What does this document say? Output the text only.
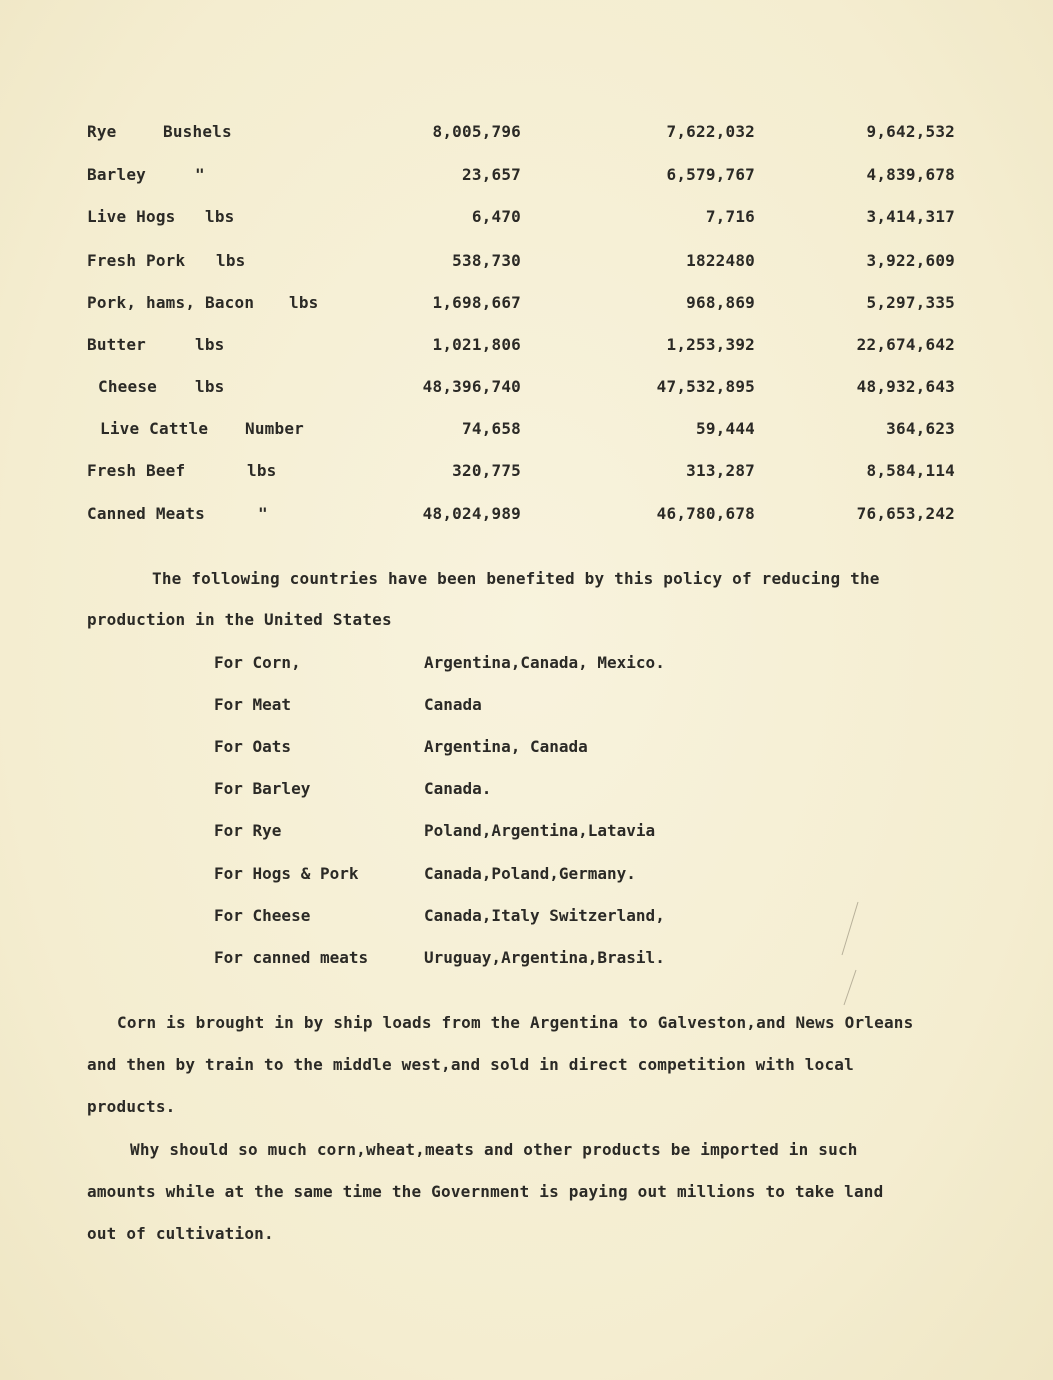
Rye	Bushels	8,005,796	7,622,032	9,642,532
Barley	"	23,657	6,579,767	4,839,678
Live Hogs lbs	6,470	7,716	3,414,317
Fresh Pork lbs	538,730	1822480	3,922,609
Pork, hams, Bacon lbs	1,698,667	968,869	5,297,335
Butter	lbs	1,021,806	1,253,392	22,674,642
Cheese lbs	48,396,740	47,532,895	48,932,643
Live Cattle Number	74,658	59,444	364,623
Fresh Beef	lbs	320,775	313,287	8,584,114
Canned Meats	"	48,024,989	46,780,678	76,653,242
The following countries have been benefited by this policy of reducing the
production in the United States
For Corn,	Argentina,Canada, Mexico.
For Meat	Canada
For Oats	Argentina, Canada
For Barley	Canada.
For Rye	Poland,Argentina,Latavia
For Hogs & Pork	Canada,Poland,Germany.
For Cheese	Canada,Italy Switzerland,
For canned meats	Uruguay,Argentina,Brasil.
Corn is brought in by ship loads from the Argentina to Galveston,and News Orleans
and then by train to the middle west,and sold in direct competition with local
products.
Why should so much corn,wheat,meats and other products be imported in such
amounts while at the same time the Government is paying out millions to take land
out of cultivation.
